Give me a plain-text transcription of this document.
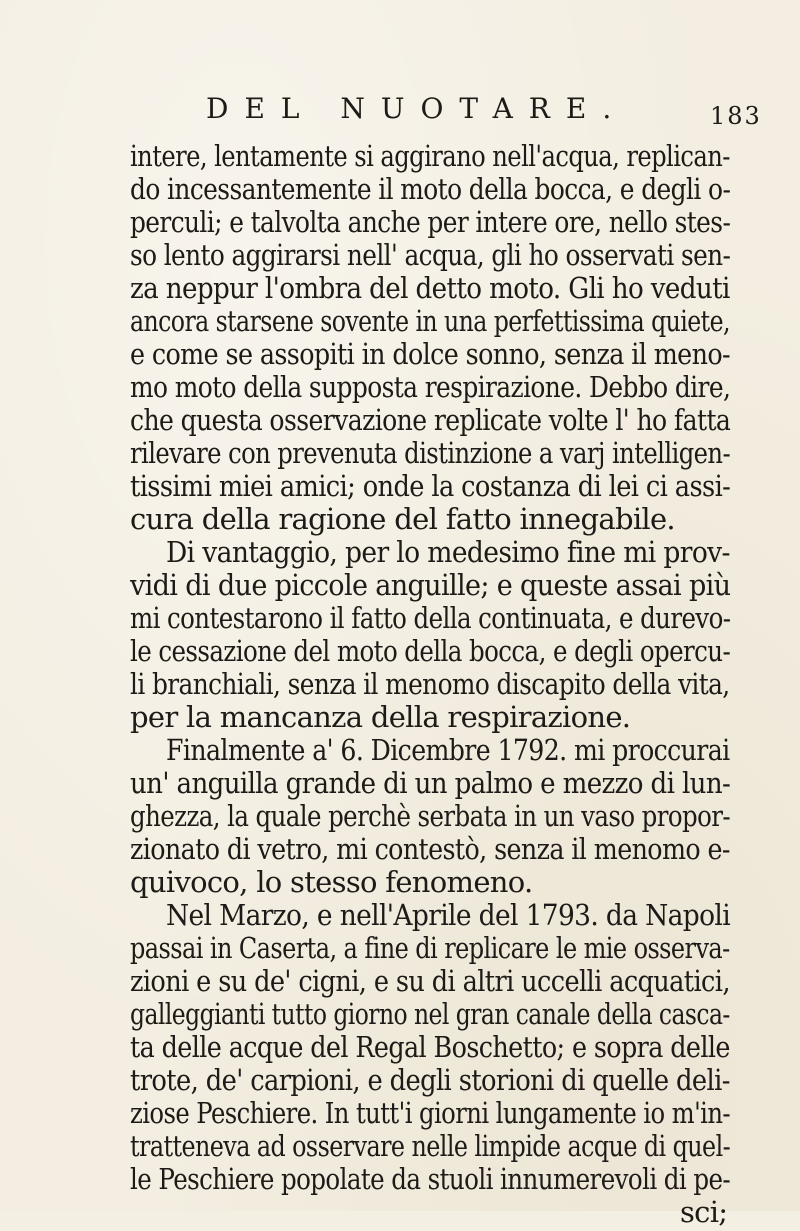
DEL NUOTARE.	183
intere, lentamente si aggirano nell'acqua, replican-
do incessantemente il moto della bocca, e degli o-
perculi; e talvolta anche per intere ore, nello stes-
so lento aggirarsi nell' acqua, gli ho osservati sen-
za neppur l'ombra del detto moto. Gli ho veduti
ancora starsene sovente in una perfettissima quiete,
e come se assopiti in dolce sonno, senza il meno-
mo moto della supposta respirazione. Debbo dire,
che questa osservazione replicate volte l' ho fatta
rilevare con prevenuta distinzione a varj intelligen-
tissimi miei amici; onde la costanza di lei ci assi-
cura della ragione del fatto innegabile.
Di vantaggio, per lo medesimo fine mi prov-
vidi di due piccole anguille; e queste assai più
mi contestarono il fatto della continuata, e durevo-
le cessazione del moto della bocca, e degli opercu-
li branchiali, senza il menomo discapito della vita,
per la mancanza della respirazione.
Finalmente a' 6. Dicembre 1792. mi proccurai
un' anguilla grande di un palmo e mezzo di lun-
ghezza, la quale perchè serbata in un vaso propor-
zionato di vetro, mi contestò, senza il menomo e-
quivoco, lo stesso fenomeno.
Nel Marzo, e nell'Aprile del 1793. da Napoli
passai in Caserta, a fine di replicare le mie osserva-
zioni e su de' cigni, e su di altri uccelli acquatici,
galleggianti tutto giorno nel gran canale della casca-
ta delle acque del Regal Boschetto; e sopra delle
trote, de' carpioni, e degli storioni di quelle deli-
ziose Peschiere. In tutt'i giorni lungamente io m'in-
tratteneva ad osservare nelle limpide acque di quel-
le Peschiere popolate da stuoli innumerevoli di pe-
sci;
